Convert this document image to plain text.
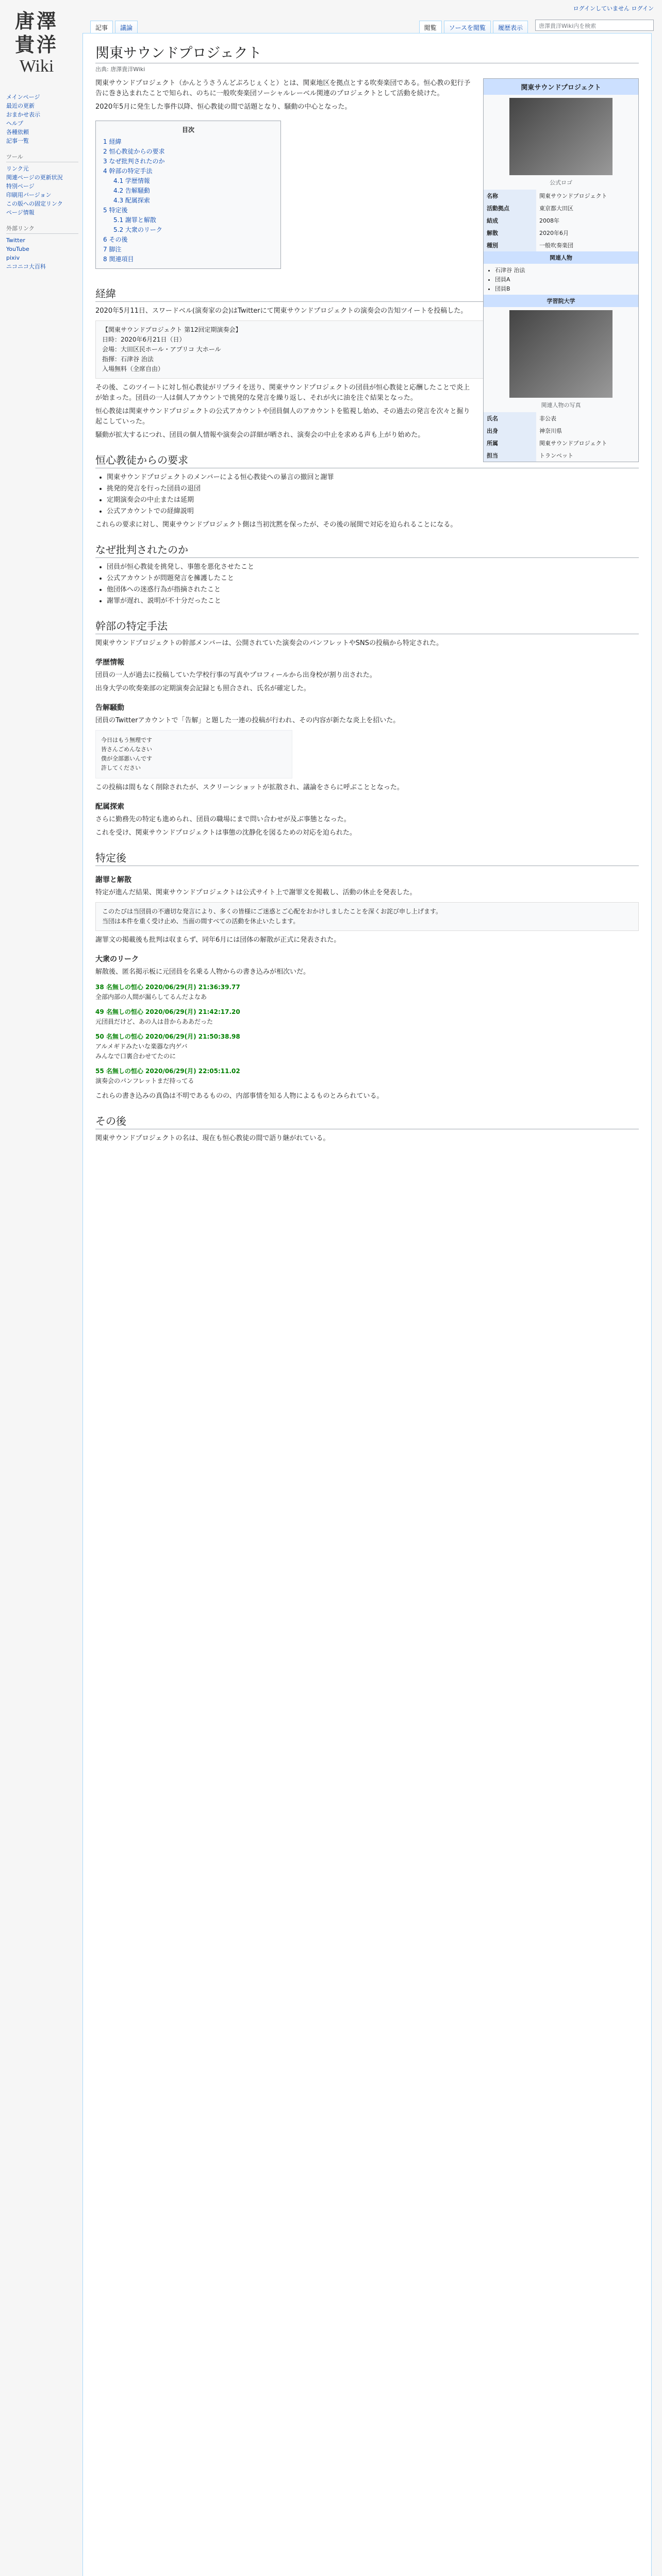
ログインしていません ログイン
記事	議論	閲覧	ソースを閲覧	履歴表示	唐澤貴洋Wiki内を検索
唐澤
貴洋
Wiki
メインページ
最近の更新
おまかせ表示
ヘルプ
各種依頼
記事一覧
ツール
リンク元
関連ページの更新状況
特別ページ
印刷用バージョン
この版への固定リンク
ページ情報
外部リンク
Twitter
YouTube
pixiv
ニコニコ大百科
関東サウンドプロジェクト
出典: 唐澤貴洋Wiki
関東サウンドプロジェクト
公式ロゴ
名称	関東サウンドプロジェクト
活動拠点	東京都大田区
結成	2008年
解散	2020年6月
種別	一般吹奏楽団
関連人物
• 石津谷 治法
• 団員A
• 団員B
学習院大学
関連人物の写真
氏名	非公表
出身	神奈川県
所属	関東サウンドプロジェクト
担当	トランペット

関東サウンドプロジェクト（かんとうさうんどぷろじぇくと）とは、関東地区を拠点とする吹奏楽団である。恒心教の犯行予告に巻き込まれたことで知られ、のちに一般吹奏楽団ソーシャルレーベル関連のプロジェクトとして活動を続けた。

2020年5月に発生した事件以降、恒心教徒の間で話題となり、騒動の中心となった。

目次
1 経緯
2 恒心教徒からの要求
3 なぜ批判されたのか
4 幹部の特定手法
4.1 学歴情報
4.2 告解騒動
4.3 配属探索
5 特定後
5.1 謝罪と解散
5.2 大衆のリーク
6 その後
7 脚注
8 関連項目
経緯

2020年5月11日、スワードベル(演奏家の会)はTwitterにて関東サウンドプロジェクトの演奏会の告知ツイートを投稿した。

【関東サウンドプロジェクト 第12回定期演奏会】
日時：2020年6月21日（日）
会場：大田区民ホール・アプリコ 大ホール
指揮：石津谷 治法
入場無料（全席自由）

その後、このツイートに対し恒心教徒がリプライを送り、関東サウンドプロジェクトの団員が恒心教徒と応酬したことで炎上が始まった。団員の一人は個人アカウントで挑発的な発言を繰り返し、それが火に油を注ぐ結果となった。

恒心教徒は関東サウンドプロジェクトの公式アカウントや団員個人のアカウントを監視し始め、その過去の発言を次々と掘り起こしていった。

騒動が拡大するにつれ、団員の個人情報や演奏会の詳細が晒され、演奏会の中止を求める声も上がり始めた。

恒心教徒からの要求
• 関東サウンドプロジェクトのメンバーによる恒心教徒への暴言の撤回と謝罪
• 挑発的発言を行った団員の退団
• 定期演奏会の中止または延期
• 公式アカウントでの経緯説明

これらの要求に対し、関東サウンドプロジェクト側は当初沈黙を保ったが、その後の展開で対応を迫られることになる。

なぜ批判されたのか
• 団員が恒心教徒を挑発し、事態を悪化させたこと
• 公式アカウントが問題発言を擁護したこと
• 他団体への迷惑行為が指摘されたこと
• 謝罪が遅れ、説明が不十分だったこと
幹部の特定手法

関東サウンドプロジェクトの幹部メンバーは、公開されていた演奏会のパンフレットやSNSの投稿から特定された。

学歴情報

団員の一人が過去に投稿していた学校行事の写真やプロフィールから出身校が割り出された。

出身大学の吹奏楽部の定期演奏会記録とも照合され、氏名が確定した。

告解騒動

団員のTwitterアカウントで「告解」と題した一連の投稿が行われ、その内容が新たな炎上を招いた。

今日はもう無理です
皆さんごめんなさい
僕が全部悪いんです
許してください

この投稿は間もなく削除されたが、スクリーンショットが拡散され、議論をさらに呼ぶこととなった。

配属探索

さらに勤務先の特定も進められ、団員の職場にまで問い合わせが及ぶ事態となった。

これを受け、関東サウンドプロジェクトは事態の沈静化を図るための対応を迫られた。

特定後
謝罪と解散

特定が進んだ結果、関東サウンドプロジェクトは公式サイト上で謝罪文を掲載し、活動の休止を発表した。

このたびは当団員の不適切な発言により、多くの皆様にご迷惑とご心配をおかけしましたことを深くお詫び申し上げます。
当団は本件を重く受け止め、当面の間すべての活動を休止いたします。

謝罪文の掲載後も批判は収まらず、同年6月には団体の解散が正式に発表された。

大衆のリーク

解散後、匿名掲示板に元団員を名乗る人物からの書き込みが相次いだ。

38 名無しの恒心 2020/06/29(月) 21:36:39.77
全部内部の人間が漏らしてるんだよなあ
49 名無しの恒心 2020/06/29(月) 21:42:17.20
元団員だけど、あの人は昔からああだった
50 名無しの恒心 2020/06/29(月) 21:50:38.98
アルメギドみたいな楽器な内ゲバ
みんなで口裏合わせてたのに
55 名無しの恒心 2020/06/29(月) 22:05:11.02
演奏会のパンフレットまだ持ってる

これらの書き込みの真偽は不明であるものの、内部事情を知る人物によるものとみられている。

その後

関東サウンドプロジェクトの名は、現在も恒心教徒の間で語り継がれている。
